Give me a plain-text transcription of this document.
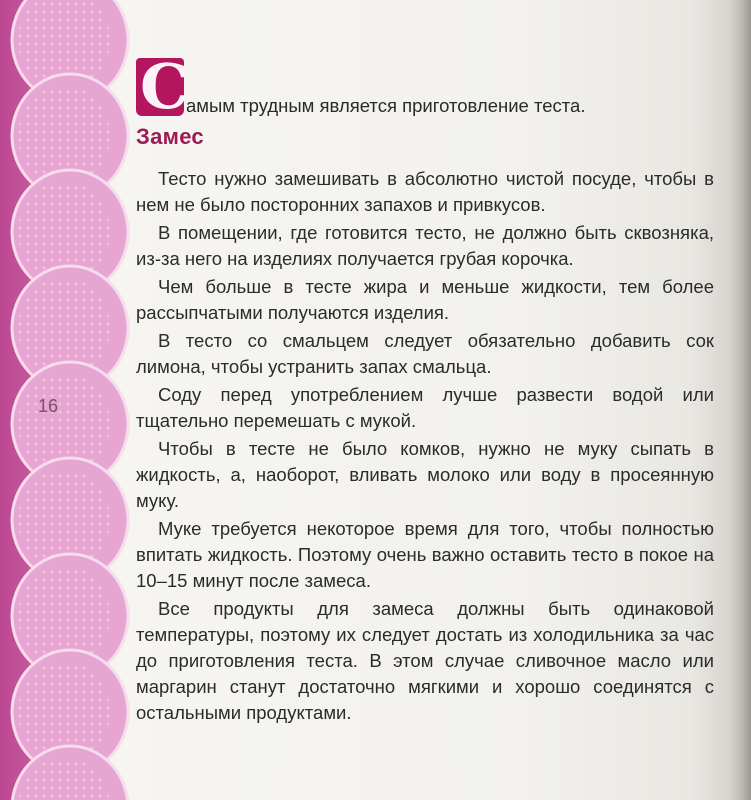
16
С
амым трудным является приготовление теста.
Замес

Тесто нужно замешивать в абсолютно чистой посуде, чтобы в нем не было посторонних запахов и привкусов.

В помещении, где готовится тесто, не должно быть сквозняка, из-за него на изделиях получается грубая корочка.

Чем больше в тесте жира и меньше жидкости, тем более рассыпчатыми получаются изделия.

В тесто со смальцем следует обязательно добавить сок лимона, чтобы устранить запах смальца.

Соду перед употреблением лучше развести водой или тщательно перемешать с мукой.

Чтобы в тесте не было комков, нужно не муку сыпать в жидкость, а, наоборот, вливать молоко или воду в просеянную муку.

Муке требуется некоторое время для того, чтобы полностью впитать жидкость. Поэтому очень важно оставить тесто в покое на 10–15 минут после замеса.

Все продукты для замеса должны быть одинаковой температуры, поэтому их следует достать из холодильника за час до приготовления теста. В этом случае сливочное масло или маргарин станут достаточно мягкими и хорошо соединятся с остальными продуктами.
